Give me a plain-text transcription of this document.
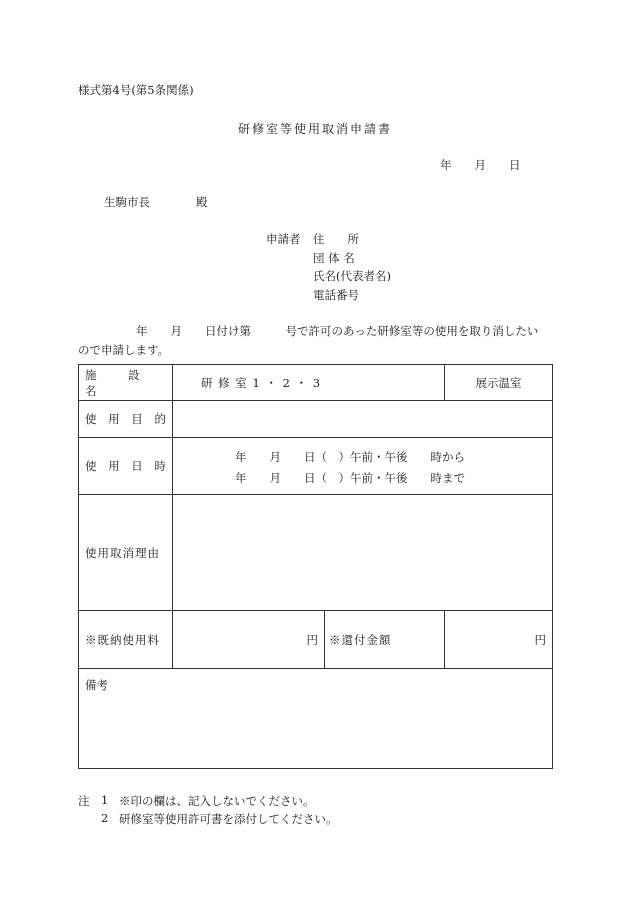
様式第4号(第5条関係)
研修室等使用取消申請書
年　　月　　日
生駒市長　　　　殿
申請者 住　　所
団 体 名
氏名(代表者名)
電話番号
年　　月　　日付け第　　　号で許可のあった研修室等の使用を取り消したい
ので申請します。
施　設　名	研 修 室 1 ・ 2 ・ 3		展示温室
使 用 目 的			
使 用 日 時	年　　月　　日（　）午前・午後　　時から
年　　月　　日（　）午前・午後　　時まで		

使用取消理由			
※既納使用料	円	※還付金額	円
備考			
注 1 ※印の欄は、記入しないでください。
2 研修室等使用許可書を添付してください。
